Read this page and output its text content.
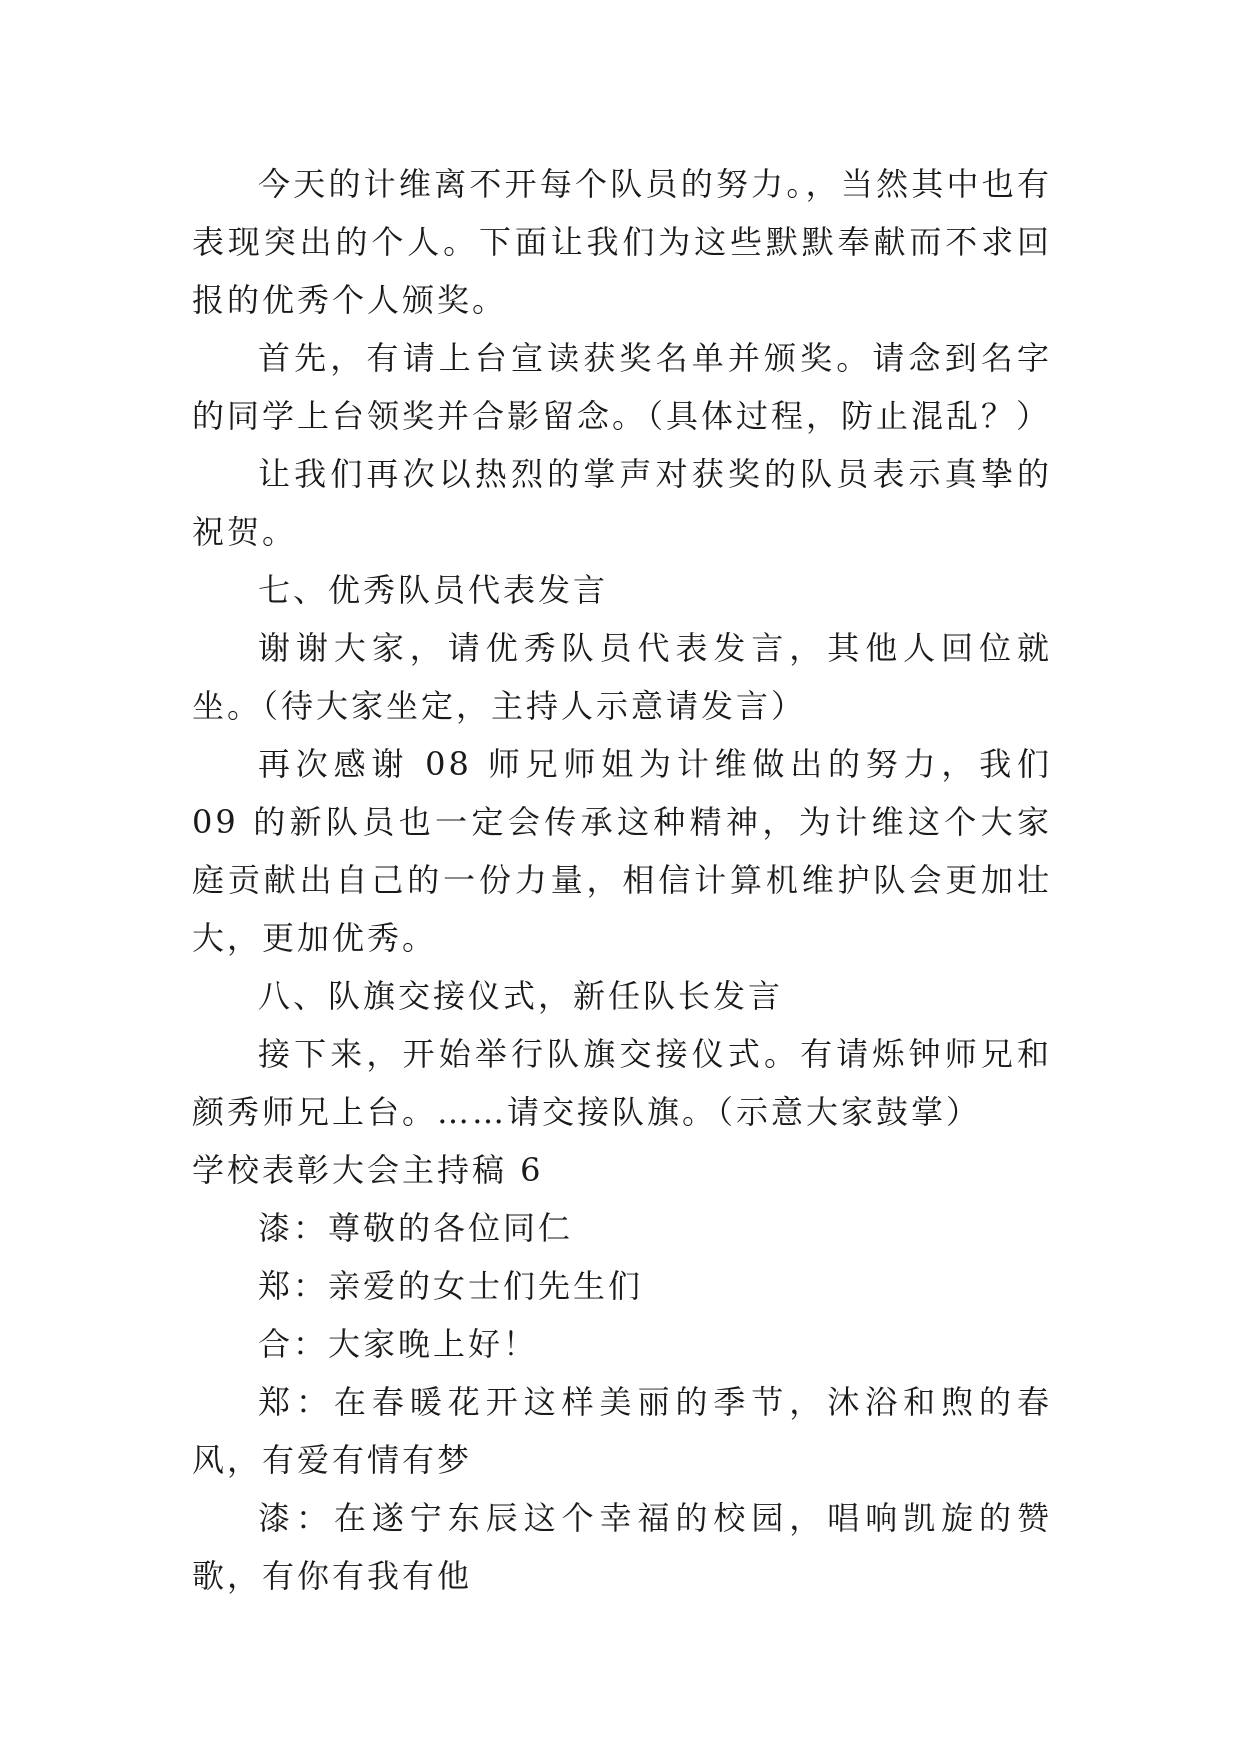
今天的计维离不开每个队员的努力。，当然其中也有表现突出的个人。下面让我们为这些默默奉献而不求回报的优秀个人颁奖。

首先，有请上台宣读获奖名单并颁奖。请念到名字的同学上台领奖并合影留念。（具体过程，防止混乱？）

让我们再次以热烈的掌声对获奖的队员表示真挚的祝贺。

七、优秀队员代表发言

谢谢大家，请优秀队员代表发言，其他人回位就坐。（待大家坐定，主持人示意请发言）

再次感谢 08 师兄师姐为计维做出的努力，我们 09 的新队员也一定会传承这种精神，为计维这个大家庭贡献出自己的一份力量，相信计算机维护队会更加壮大，更加优秀。

八、队旗交接仪式，新任队长发言

接下来，开始举行队旗交接仪式。有请烁钟师兄和颜秀师兄上台。……请交接队旗。（示意大家鼓掌）

学校表彰大会主持稿 6

漆：尊敬的各位同仁

郑：亲爱的女士们先生们

合：大家晚上好！

郑：在春暖花开这样美丽的季节，沐浴和煦的春风，有爱有情有梦

漆：在遂宁东辰这个幸福的校园，唱响凯旋的赞歌，有你有我有他
